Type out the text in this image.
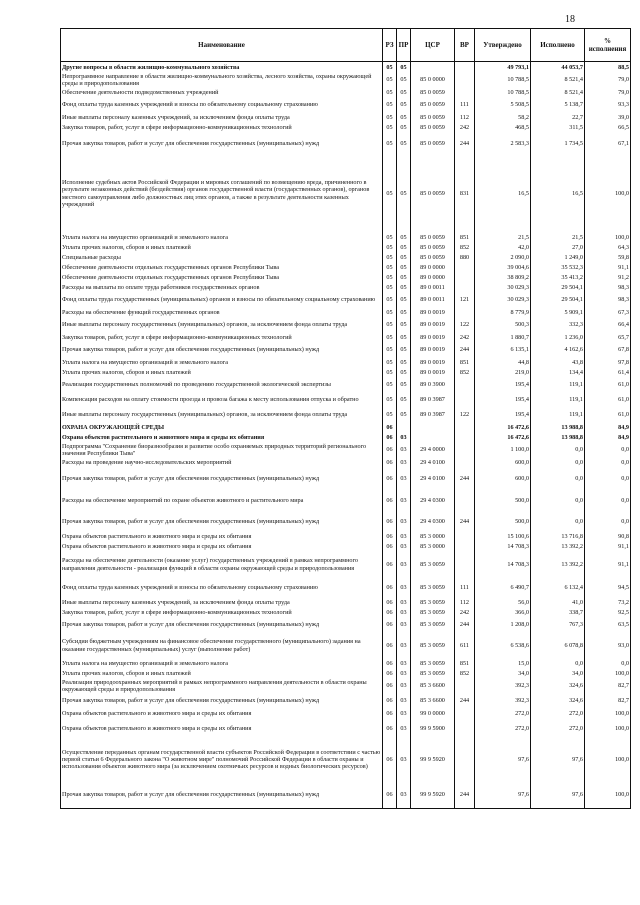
18
Наименование	РЗ	ПР	ЦСР	ВР	Утверждено	Исполнено	% исполнения
Другие вопросы в области жилищно-коммунального хозяйства	05	05			49 793,1	44 053,7	88,5
Непрограммное направление в области жилищно-коммунального хозяйства, лесного хозяйства, охраны окружающей среды и природопользования	05	05	85 0 0000		10 788,5	8 521,4	79,0
Обеспечение деятельности подведомственных учреждений	05	05	85 0 0059		10 788,5	8 521,4	79,0
Фонд оплаты труда казенных учреждений и взносы по обязательному социальному страхованию	05	05	85 0 0059	111	5 508,5	5 138,7	93,3
Иные выплаты персоналу казенных учреждений, за исключением фонда оплаты труда	05	05	85 0 0059	112	58,2	22,7	39,0
Закупка товаров, работ, услуг в сфере информационно-коммуникационных технологий	05	05	85 0 0059	242	468,5	311,5	66,5
Прочая закупка товаров, работ и услуг для обеспечения государственных (муниципальных) нужд	05	05	85 0 0059	244	2 583,3	1 734,5	67,1
Исполнение судебных актов Российской Федерации и мировых соглашений по возмещению вреда, причиненного в результате незаконных действий (бездействия) органов государственной власти (государственных органов), органов местного самоуправления либо должностных лиц этих органов, а также в результате деятельности казенных учреждений	05	05	85 0 0059	831	16,5	16,5	100,0
Уплата налога на имущество организаций и земельного налога	05	05	85 0 0059	851	21,5	21,5	100,0
Уплата прочих налогов, сборов и иных платежей	05	05	85 0 0059	852	42,0	27,0	64,3
Специальные расходы	05	05	85 0 0059	880	2 090,0	1 249,0	59,8
Обеспечение деятельности отдельных государственных органов Республики Тыва	05	05	89 0 0000		39 004,6	35 532,3	91,1
Обеспечение деятельности отдельных государственных органов Республики Тыва	05	05	89 0 0000		38 809,2	35 413,2	91,2
Расходы на выплаты по оплате труда работников государственных органов	05	05	89 0 0011		30 029,3	29 504,1	98,3
Фонд оплаты труда государственных (муниципальных) органов и взносы по обязательному социальному страхованию	05	05	89 0 0011	121	30 029,3	29 504,1	98,3
Расходы на обеспечение функций государственных органов	05	05	89 0 0019		8 779,9	5 909,1	67,3
Иные выплаты персоналу государственных (муниципальных) органов, за исключением фонда оплаты труда	05	05	89 0 0019	122	500,3	332,3	66,4
Закупка товаров, работ, услуг в сфере информационно-коммуникационных технологий	05	05	89 0 0019	242	1 880,7	1 236,0	65,7
Прочая закупка товаров, работ и услуг для обеспечения государственных (муниципальных) нужд	05	05	89 0 0019	244	6 135,1	4 162,6	67,8
Уплата налога на имущество организаций и земельного налога	05	05	89 0 0019	851	44,8	43,8	97,8
Уплата прочих налогов, сборов и иных платежей	05	05	89 0 0019	852	219,0	134,4	61,4
Реализация государственных полномочий по проведению государственной экологической экспертизы	05	05	89 0 3900		195,4	119,1	61,0
Компенсация расходов на оплату стоимости проезда и провоза багажа к месту использования отпуска и обратно	05	05	89 0 3987		195,4	119,1	61,0
Иные выплаты персоналу государственных (муниципальных) органов, за исключением фонда оплаты труда	05	05	89 0 3987	122	195,4	119,1	61,0
ОХРАНА ОКРУЖАЮЩЕЙ СРЕДЫ	06				16 472,6	13 988,8	84,9
Охрана объектов растительного и животного мира и среды их обитания	06	03			16 472,6	13 988,8	84,9
Подпрограмма "Сохранение биоразнообразия и развитие особо охраняемых природных территорий регионального значения Республики Тыва"	06	03	29 4 0000		1 100,0	0,0	0,0
Расходы на проведение научно-исследовательских мероприятий	06	03	29 4 0100		600,0	0,0	0,0
Прочая закупка товаров, работ и услуг для обеспечения государственных (муниципальных) нужд	06	03	29 4 0100	244	600,0	0,0	0,0
Расходы на обеспечение мероприятий по охране объектов животного и растительного мира	06	03	29 4 0300		500,0	0,0	0,0
Прочая закупка товаров, работ и услуг для обеспечения государственных (муниципальных) нужд	06	03	29 4 0300	244	500,0	0,0	0,0
Охрана объектов растительного и животного мира и среды их обитания	06	03	85 3 0000		15 100,6	13 716,8	90,8
Охрана объектов растительного и животного мира и среды их обитания	06	03	85 3 0000		14 708,3	13 392,2	91,1
Расходы на обеспечение деятельности (оказание услуг) государственных учреждений в рамках непрограммного направления деятельности - реализация функций в области охраны окружающей среды и природопользования	06	03	85 3 0059		14 708,3	13 392,2	91,1
Фонд оплаты труда казенных учреждений и взносы по обязательному социальному страхованию	06	03	85 3 0059	111	6 490,7	6 132,4	94,5
Иные выплаты персоналу казенных учреждений, за исключением фонда оплаты труда	06	03	85 3 0059	112	56,0	41,0	73,2
Закупка товаров, работ, услуг в сфере информационно-коммуникационных технологий	06	03	85 3 0059	242	366,0	338,7	92,5
Прочая закупка товаров, работ и услуг для обеспечения государственных (муниципальных) нужд	06	03	85 3 0059	244	1 208,0	767,3	63,5
Субсидии бюджетным учреждениям на финансовое обеспечение государственного (муниципального) задания на оказание государственных (муниципальных) услуг (выполнение работ)	06	03	85 3 0059	611	6 538,6	6 078,8	93,0
Уплата налога на имущество организаций и земельного налога	06	03	85 3 0059	851	15,0	0,0	0,0
Уплата прочих налогов, сборов и иных платежей	06	03	85 3 0059	852	34,0	34,0	100,0
Реализация природоохранных мероприятий в рамках непрограммного направления деятельности в области охраны окружающей среды и природопользования	06	03	85 3 6600		392,3	324,6	82,7
Прочая закупка товаров, работ и услуг для обеспечения государственных (муниципальных) нужд	06	03	85 3 6600	244	392,3	324,6	82,7
Охрана объектов растительного и животного мира и среды их обитания	06	03	99 0 0000		272,0	272,0	100,0
Охрана объектов растительного и животного мира и среды их обитания	06	03	99 9 5900		272,0	272,0	100,0
Осуществление переданных органам государственной власти субъектов Российской Федерации в соответствии с частью первой статьи 6 Федерального закона "О животном мире" полномочий Российской Федерации в области охраны и использования объектов животного мира (за исключением охотничьих ресурсов и водных биологических ресурсов)	06	03	99 9 5920		97,6	97,6	100,0
Прочая закупка товаров, работ и услуг для обеспечения государственных (муниципальных) нужд	06	03	99 9 5920	244	97,6	97,6	100,0
